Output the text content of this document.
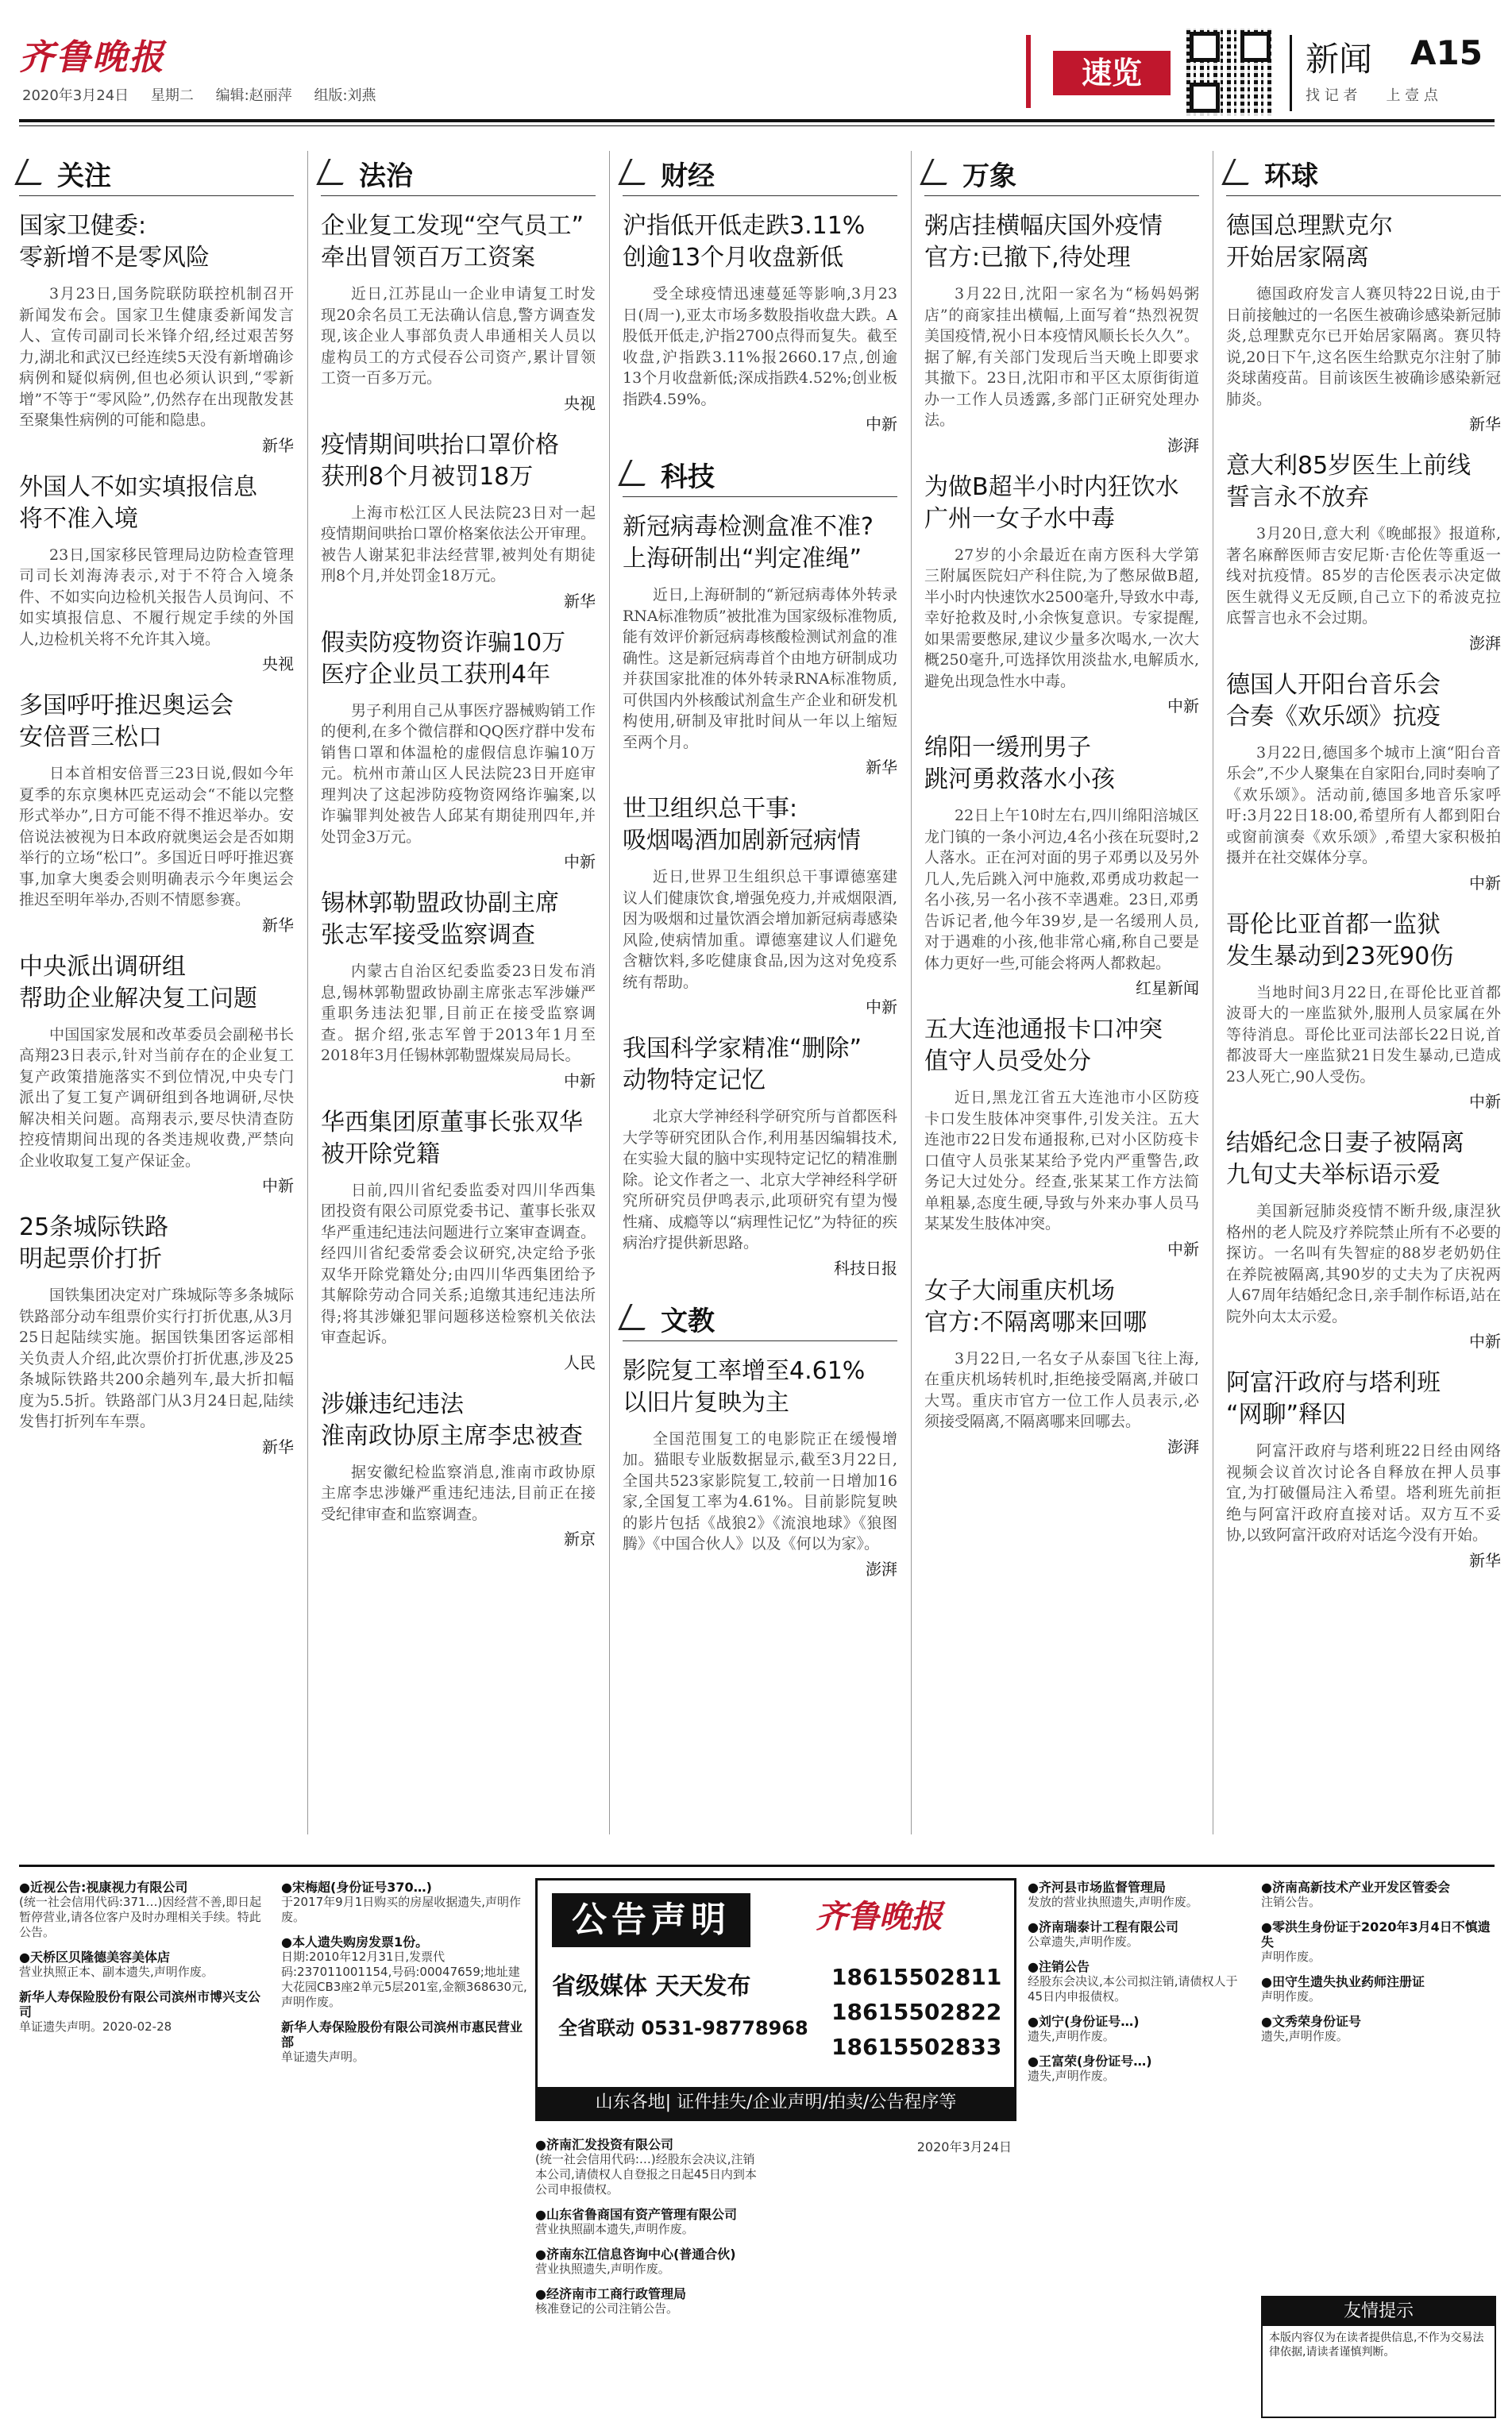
齐鲁晚报
2020年3月24日 星期二 编辑:赵丽萍 组版:刘燕
速览	新闻 A15
找 记 者　　上 壹 点
关注
国家卫健委:
零新增不是零风险

3月23日,国务院联防联控机制召开新闻发布会。国家卫生健康委新闻发言人、宣传司副司长米锋介绍,经过艰苦努力,湖北和武汉已经连续5天没有新增确诊病例和疑似病例,但也必须认识到,“零新增”不等于“零风险”,仍然存在出现散发甚至聚集性病例的可能和隐患。

新华
外国人不如实填报信息
将不准入境

23日,国家移民管理局边防检查管理司司长刘海涛表示,对于不符合入境条件、不如实向边检机关报告人员询问、不如实填报信息、不履行规定手续的外国人,边检机关将不允许其入境。

央视
多国呼吁推迟奥运会
安倍晋三松口

日本首相安倍晋三23日说,假如今年夏季的东京奥林匹克运动会“不能以完整形式举办”,日方可能不得不推迟举办。安倍说法被视为日本政府就奥运会是否如期举行的立场“松口”。多国近日呼吁推迟赛事,加拿大奥委会则明确表示今年奥运会推迟至明年举办,否则不情愿参赛。

新华
中央派出调研组
帮助企业解决复工问题

中国国家发展和改革委员会副秘书长高翔23日表示,针对当前存在的企业复工复产政策措施落实不到位情况,中央专门派出了复工复产调研组到各地调研,尽快解决相关问题。高翔表示,要尽快清查防控疫情期间出现的各类违规收费,严禁向企业收取复工复产保证金。

中新
25条城际铁路
明起票价打折

国铁集团决定对广珠城际等多条城际铁路部分动车组票价实行打折优惠,从3月25日起陆续实施。据国铁集团客运部相关负责人介绍,此次票价打折优惠,涉及25条城际铁路共200余趟列车,最大折扣幅度为5.5折。铁路部门从3月24日起,陆续发售打折列车车票。

新华
法治
企业复工发现“空气员工”
牵出冒领百万工资案

近日,江苏昆山一企业申请复工时发现20余名员工无法确认信息,警方调查发现,该企业人事部负责人串通相关人员以虚构员工的方式侵吞公司资产,累计冒领工资一百多万元。

央视
疫情期间哄抬口罩价格
获刑8个月被罚18万

上海市松江区人民法院23日对一起疫情期间哄抬口罩价格案依法公开审理。被告人谢某犯非法经营罪,被判处有期徒刑8个月,并处罚金18万元。

新华
假卖防疫物资诈骗10万
医疗企业员工获刑4年

男子利用自己从事医疗器械购销工作的便利,在多个微信群和QQ医疗群中发布销售口罩和体温枪的虚假信息诈骗10万元。杭州市萧山区人民法院23日开庭审理判决了这起涉防疫物资网络诈骗案,以诈骗罪判处被告人邱某有期徒刑四年,并处罚金3万元。

中新
锡林郭勒盟政协副主席
张志军接受监察调查

内蒙古自治区纪委监委23日发布消息,锡林郭勒盟政协副主席张志军涉嫌严重职务违法犯罪,目前正在接受监察调查。据介绍,张志军曾于2013年1月至2018年3月任锡林郭勒盟煤炭局局长。

中新
华西集团原董事长张双华
被开除党籍

日前,四川省纪委监委对四川华西集团投资有限公司原党委书记、董事长张双华严重违纪违法问题进行立案审查调查。经四川省纪委常委会议研究,决定给予张双华开除党籍处分;由四川华西集团给予其解除劳动合同关系;追缴其违纪违法所得;将其涉嫌犯罪问题移送检察机关依法审查起诉。

人民
涉嫌违纪违法
淮南政协原主席李忠被查

据安徽纪检监察消息,淮南市政协原主席李忠涉嫌严重违纪违法,目前正在接受纪律审查和监察调查。

新京
财经
沪指低开低走跌3.11%
创逾13个月收盘新低

受全球疫情迅速蔓延等影响,3月23日(周一),亚太市场多数股指收盘大跌。A股低开低走,沪指2700点得而复失。截至收盘,沪指跌3.11%报2660.17点,创逾13个月收盘新低;深成指跌4.52%;创业板指跌4.59%。

中新
科技
新冠病毒检测盒准不准?
上海研制出“判定准绳”

近日,上海研制的“新冠病毒体外转录RNA标准物质”被批准为国家级标准物质,能有效评价新冠病毒核酸检测试剂盒的准确性。这是新冠病毒首个由地方研制成功并获国家批准的体外转录RNA标准物质,可供国内外核酸试剂盒生产企业和研发机构使用,研制及审批时间从一年以上缩短至两个月。

新华
世卫组织总干事:
吸烟喝酒加剧新冠病情

近日,世界卫生组织总干事谭德塞建议人们健康饮食,增强免疫力,并戒烟限酒,因为吸烟和过量饮酒会增加新冠病毒感染风险,使病情加重。谭德塞建议人们避免含糖饮料,多吃健康食品,因为这对免疫系统有帮助。

中新
我国科学家精准“删除”
动物特定记忆

北京大学神经科学研究所与首都医科大学等研究团队合作,利用基因编辑技术,在实验大鼠的脑中实现特定记忆的精准删除。论文作者之一、北京大学神经科学研究所研究员伊鸣表示,此项研究有望为慢性痛、成瘾等以“病理性记忆”为特征的疾病治疗提供新思路。

科技日报
文教
影院复工率增至4.61%
以旧片复映为主

全国范围复工的电影院正在缓慢增加。猫眼专业版数据显示,截至3月22日,全国共523家影院复工,较前一日增加16家,全国复工率为4.61%。目前影院复映的影片包括《战狼2》《流浪地球》《狼图腾》《中国合伙人》以及《何以为家》。

澎湃
万象
粥店挂横幅庆国外疫情
官方:已撤下,待处理

3月22日,沈阳一家名为“杨妈妈粥店”的商家挂出横幅,上面写着“热烈祝贺美国疫情,祝小日本疫情风顺长长久久”。据了解,有关部门发现后当天晚上即要求其撤下。23日,沈阳市和平区太原街街道办一工作人员透露,多部门正研究处理办法。

澎湃
为做B超半小时内狂饮水
广州一女子水中毒

27岁的小余最近在南方医科大学第三附属医院妇产科住院,为了憋尿做B超,半小时内快速饮水2500毫升,导致水中毒,幸好抢救及时,小余恢复意识。专家提醒,如果需要憋尿,建议少量多次喝水,一次大概250毫升,可选择饮用淡盐水,电解质水,避免出现急性水中毒。

中新
绵阳一缓刑男子
跳河勇救落水小孩

22日上午10时左右,四川绵阳涪城区龙门镇的一条小河边,4名小孩在玩耍时,2人落水。正在河对面的男子邓勇以及另外几人,先后跳入河中施救,邓勇成功救起一名小孩,另一名小孩不幸遇难。23日,邓勇告诉记者,他今年39岁,是一名缓刑人员,对于遇难的小孩,他非常心痛,称自己要是体力更好一些,可能会将两人都救起。

红星新闻
五大连池通报卡口冲突
值守人员受处分

近日,黑龙江省五大连池市小区防疫卡口发生肢体冲突事件,引发关注。五大连池市22日发布通报称,已对小区防疫卡口值守人员张某某给予党内严重警告,政务记大过处分。经查,张某某工作方法简单粗暴,态度生硬,导致与外来办事人员马某某发生肢体冲突。

中新
女子大闹重庆机场
官方:不隔离哪来回哪

3月22日,一名女子从泰国飞往上海,在重庆机场转机时,拒绝接受隔离,并破口大骂。重庆市官方一位工作人员表示,必须接受隔离,不隔离哪来回哪去。

澎湃
环球
德国总理默克尔
开始居家隔离

德国政府发言人赛贝特22日说,由于日前接触过的一名医生被确诊感染新冠肺炎,总理默克尔已开始居家隔离。赛贝特说,20日下午,这名医生给默克尔注射了肺炎球菌疫苗。目前该医生被确诊感染新冠肺炎。

新华
意大利85岁医生上前线
誓言永不放弃

3月20日,意大利《晚邮报》报道称,著名麻醉医师吉安尼斯·吉伦佐等重返一线对抗疫情。85岁的吉伦医表示决定做医生就得义无反顾,自己立下的希波克拉底誓言也永不会过期。

澎湃
德国人开阳台音乐会
合奏《欢乐颂》抗疫

3月22日,德国多个城市上演“阳台音乐会”,不少人聚集在自家阳台,同时奏响了《欢乐颂》。活动前,德国多地音乐家呼吁:3月22日18:00,希望所有人都到阳台或窗前演奏《欢乐颂》,希望大家积极拍摄并在社交媒体分享。

中新
哥伦比亚首都一监狱
发生暴动到23死90伤

当地时间3月22日,在哥伦比亚首都波哥大的一座监狱外,服刑人员家属在外等待消息。哥伦比亚司法部长22日说,首都波哥大一座监狱21日发生暴动,已造成23人死亡,90人受伤。

中新
结婚纪念日妻子被隔离
九旬丈夫举标语示爱

美国新冠肺炎疫情不断升级,康涅狄格州的老人院及疗养院禁止所有不必要的探访。一名叫有失智症的88岁老奶奶住在养院被隔离,其90岁的丈夫为了庆祝两人67周年结婚纪念日,亲手制作标语,站在院外向太太示爱。

中新
阿富汗政府与塔利班
“网聊”释囚

阿富汗政府与塔利班22日经由网络视频会议首次讨论各自释放在押人员事宜,为打破僵局注入希望。塔利班先前拒绝与阿富汗政府直接对话。双方互不妥协,以致阿富汗政府对话迄今没有开始。

新华
●近视公告:视康视力有限公司
(统一社会信用代码:371…)因经营不善,即日起暂停营业,请各位客户及时办理相关手续。特此公告。
●天桥区贝隆德美容美体店
营业执照正本、副本遗失,声明作废。
新华人寿保险股份有限公司滨州市博兴支公司
单证遗失声明。2020-02-28
●宋梅超(身份证号370…)
于2017年9月1日购买的房屋收据遗失,声明作废。
●本人遗失购房发票1份。
日期:2010年12月31日,发票代码:237011001154,号码:00047659;地址建大花园CB3座2单元5层201室,金额368630元,声明作废。
新华人寿保险股份有限公司滨州市惠民营业部
单证遗失声明。
公告声明	齐鲁晚报
省级媒体 天天发布
全省联动 0531-98778968
18615502811
18615502822
18615502833
山东各地| 证件挂失/企业声明/拍卖/公告程序等
●济南汇发投资有限公司
(统一社会信用代码:…)经股东会决议,注销本公司,请债权人自登报之日起45日内到本公司申报债权。
●山东省鲁商国有资产管理有限公司
营业执照副本遗失,声明作废。
●济南东江信息咨询中心(普通合伙)
营业执照遗失,声明作废。
●经济南市工商行政管理局
核准登记的公司注销公告。
2020年3月24日
●齐河县市场监督管理局
发放的营业执照遗失,声明作废。
●济南瑞泰计工程有限公司
公章遗失,声明作废。
●注销公告
经股东会决议,本公司拟注销,请债权人于45日内申报债权。
●刘宁(身份证号…)
遗失,声明作废。
●王富荣(身份证号…)
遗失,声明作废。
●济南高新技术产业开发区管委会
注销公告。
●零洪生身份证于2020年3月4日不慎遗失
声明作废。
●田守生遗失执业药师注册证
声明作废。
●文秀荣身份证号
遗失,声明作废。
友情提示
本版内容仅为在读者提供信息,不作为交易法律依据,请读者谨慎判断。
